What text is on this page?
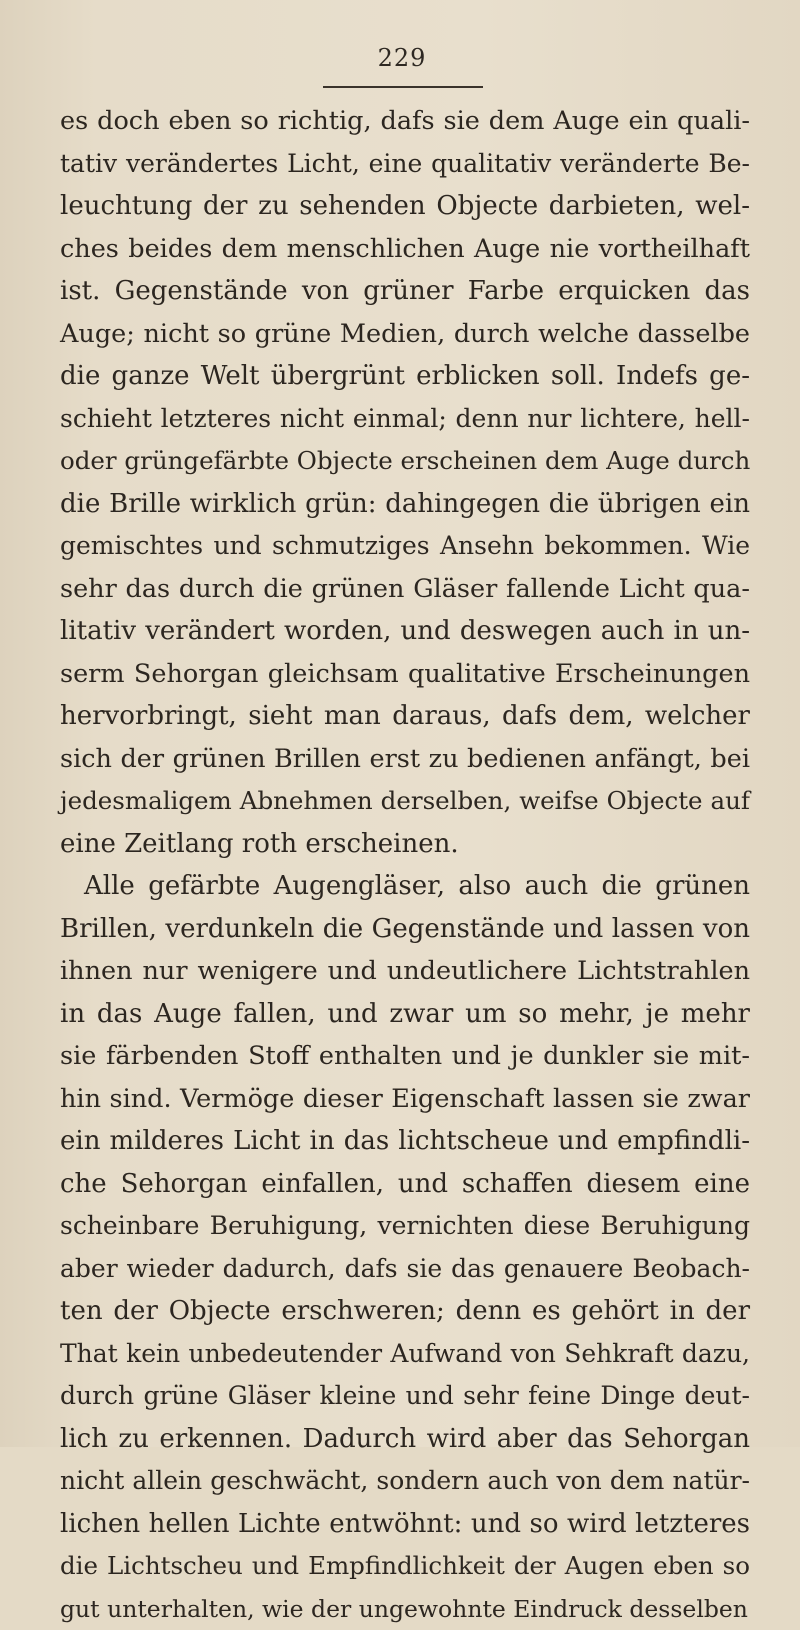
229
es doch eben so richtig, dafs sie dem Auge ein quali-
tativ verändertes Licht, eine qualitativ veränderte Be-
leuchtung der zu sehenden Objecte darbieten, wel-
ches beides dem menschlichen Auge nie vortheilhaft
ist. Gegenstände von grüner Farbe erquicken das
Auge; nicht so grüne Medien, durch welche dasselbe
die ganze Welt übergrünt erblicken soll. Indefs ge-
schieht letzteres nicht einmal; denn nur lichtere, hell-
oder grüngefärbte Objecte erscheinen dem Auge durch
die Brille wirklich grün: dahingegen die übrigen ein
gemischtes und schmutziges Ansehn bekommen. Wie
sehr das durch die grünen Gläser fallende Licht qua-
litativ verändert worden, und deswegen auch in un-
serm Sehorgan gleichsam qualitative Erscheinungen
hervorbringt, sieht man daraus, dafs dem, welcher
sich der grünen Brillen erst zu bedienen anfängt, bei
jedesmaligem Abnehmen derselben, weifse Objecte auf
eine Zeitlang roth erscheinen.
Alle gefärbte Augengläser, also auch die grünen
Brillen, verdunkeln die Gegenstände und lassen von
ihnen nur wenigere und undeutlichere Lichtstrahlen
in das Auge fallen, und zwar um so mehr, je mehr
sie färbenden Stoff enthalten und je dunkler sie mit-
hin sind. Vermöge dieser Eigenschaft lassen sie zwar
ein milderes Licht in das lichtscheue und empfindli-
che Sehorgan einfallen, und schaffen diesem eine
scheinbare Beruhigung, vernichten diese Beruhigung
aber wieder dadurch, dafs sie das genauere Beobach-
ten der Objecte erschweren; denn es gehört in der
That kein unbedeutender Aufwand von Sehkraft dazu,
durch grüne Gläser kleine und sehr feine Dinge deut-
lich zu erkennen. Dadurch wird aber das Sehorgan
nicht allein geschwächt, sondern auch von dem natür-
lichen hellen Lichte entwöhnt: und so wird letzteres
die Lichtscheu und Empfindlichkeit der Augen eben so
gut unterhalten, wie der ungewohnte Eindruck desselben
